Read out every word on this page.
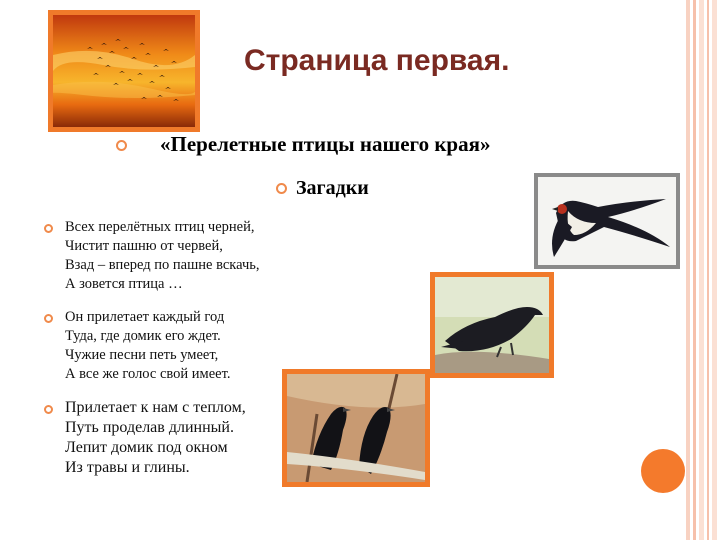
Страница первая.
«Перелетные птицы нашего края»
Загадки
Всех перелётных птиц черней,
Чистит пашню от червей,
Взад – вперед по пашне вскачь,
А зовется птица …
Он прилетает каждый год
Туда, где домик его ждет.
Чужие песни петь умеет,
А все же голос свой имеет.
Прилетает к нам с теплом,
Путь проделав длинный.
Лепит домик под окном
Из травы и глины.
